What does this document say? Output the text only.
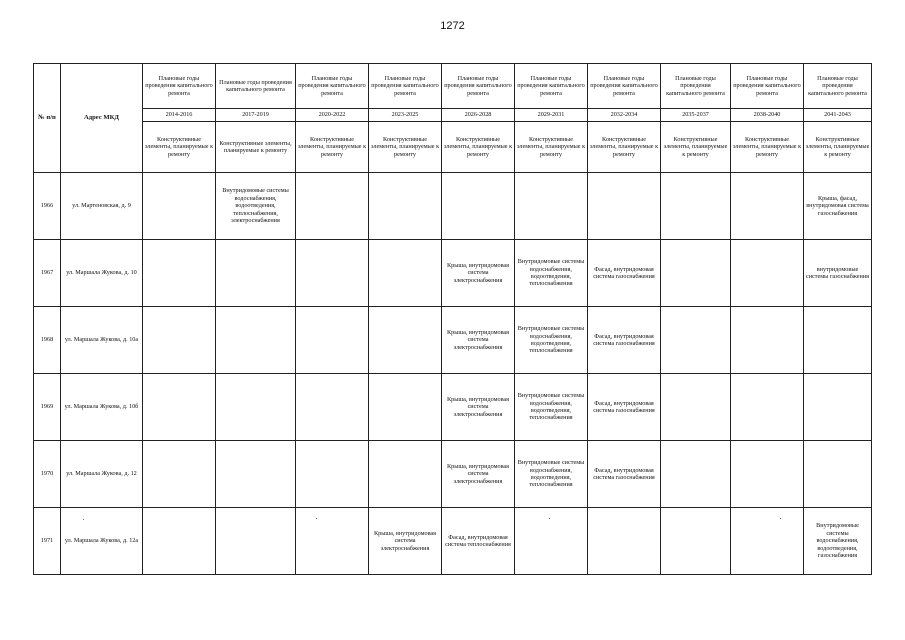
1272
№ п/п	Адрес МКД	Плановые годы проведения капитального ремонта	Плановые годы проведения капитального ремонта	Плановые годы проведения капитального ремонта	Плановые годы проведения капитального ремонта	Плановые годы проведения капитального ремонта	Плановые годы проведения капитального ремонта	Плановые годы проведения капитального ремонта	Плановые годы проведения капитального ремонта	Плановые годы проведения капитального ремонта	Плановые годы проведения капитального ремонта
		2014-2016	2017-2019	2020-2022	2023-2025	2026-2028	2029-2031	2032-2034	2035-2037	2038-2040	2041-2043
		Конструктивные элементы, планируемые к ремонту	Конструктивные элементы, планируемые к ремонту	Конструктивные элементы, планируемые к ремонту	Конструктивные элементы, планируемые к ремонту	Конструктивные элементы, планируемые к ремонту	Конструктивные элементы, планируемые к ремонту	Конструктивные элементы, планируемые к ремонту	Конструктивные элементы, планируемые к ремонту	Конструктивные элементы, планируемые к ремонту	Конструктивные элементы, планируемые к ремонту
1966	ул. Мартеновская, д. 9		Внутридомовые системы водоснабжения, водоотведения, теплоснабжения, электроснабжения								Крыша, фасад, внутридомовая система газоснабжения
1967	ул. Маршала Жукова, д. 10					Крыша, внутридомовая система электроснабжения	Внутридомовые системы водоснабжения, водоотведения, теплоснабжения	Фасад, внутридомовая система газоснабжения			внутридомовые системы газоснабжения
1968	ул. Маршала Жукова, д. 10а					Крыша, внутридомовая система электроснабжения	Внутридомовые системы водоснабжения, водоотведения, теплоснабжения	Фасад, внутридомовая система газоснабжения			
1969	ул. Маршала Жукова, д. 10б					Крыша, внутридомовая система электроснабжения	Внутридомовые системы водоснабжения, водоотведения, теплоснабжения	Фасад, внутридомовая система газоснабжения			
1970	ул. Маршала Жукова, д. 12					Крыша, внутридомовая система электроснабжения	Внутридомовые системы водоснабжения, водоотведения, теплоснабжения	Фасад, внутридомовая система газоснабжения			
1971	ул. Маршала Жукова, д. 12а				Крыша, внутридомовая система электроснабжения	Фасад, внутридомовая система теплоснабжения					Внутридомовые системы водоснабжения, водоотведения, газоснабжения
